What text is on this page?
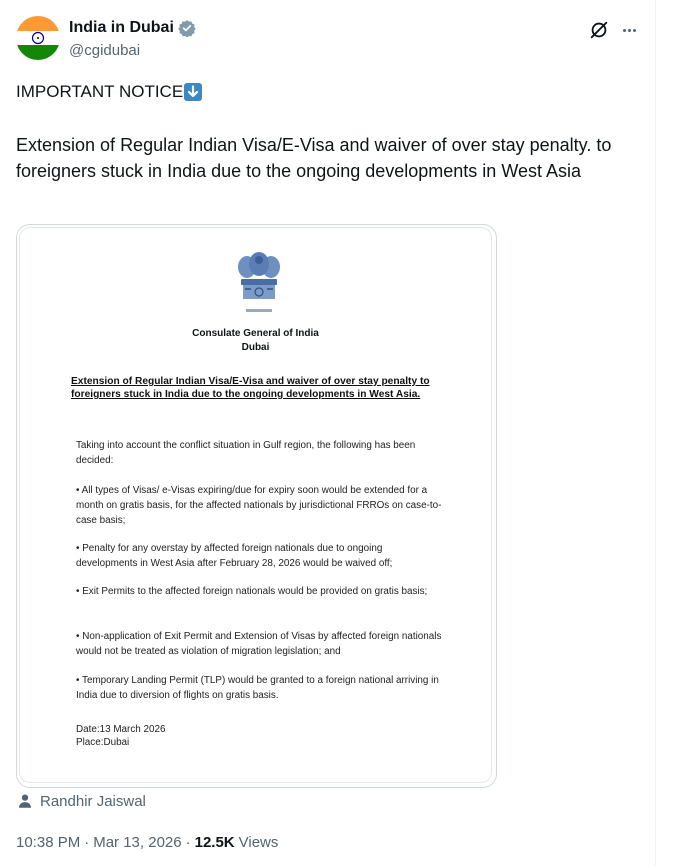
India in Dubai
@cgidubai
IMPORTANT NOTICE
Extension of Regular Indian Visa/E-Visa and waiver of over stay penalty. to foreigners stuck in India due to the ongoing developments in West Asia
Consulate General of India
Dubai
Extension of Regular Indian Visa/E-Visa and waiver of over stay penalty to foreigners stuck in India due to the ongoing developments in West Asia.
Taking into account the conflict situation in Gulf region, the following has been decided:
• All types of Visas/ e-Visas expiring/due for expiry soon would be extended for a month on gratis basis, for the affected nationals by jurisdictional FRROs on case-to-case basis;
• Penalty for any overstay by affected foreign nationals due to ongoing developments in West Asia after February 28, 2026 would be waived off;
• Exit Permits to the affected foreign nationals would be provided on gratis basis;
• Non-application of Exit Permit and Extension of Visas by affected foreign nationals would not be treated as violation of migration legislation; and
• Temporary Landing Permit (TLP) would be granted to a foreign national arriving in India due to diversion of flights on gratis basis.
Date:13 March 2026
Place:Dubai
Randhir Jaiswal
10:38 PM · Mar 13, 2026 · 12.5K Views
